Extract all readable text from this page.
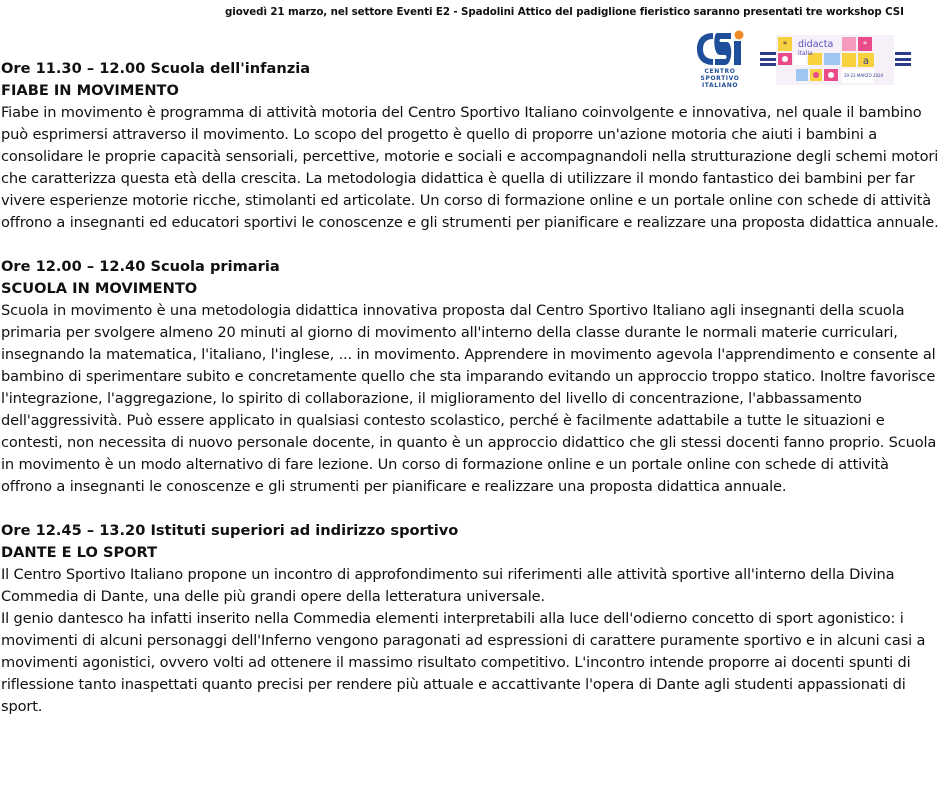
giovedì 21 marzo, nel settore Eventi E2 - Spadolini Attico del padiglione fieristico saranno presentati tre workshop CSI
CENTRO
SPORTIVO
ITALIANO
*	*
didacta
italia
a
20-22 MARZO 2024
Ore 11.30 – 12.00 Scuola dell'infanzia
FIABE IN MOVIMENTO

Fiabe in movimento è programma di attività motoria del Centro Sportivo Italiano coinvolgente e innovativa, nel quale il bambino può esprimersi attraverso il movimento. Lo scopo del progetto è quello di proporre un'azione motoria che aiuti i bambini a consolidare le proprie capacità sensoriali, percettive, motorie e sociali e accompagnandoli nella strutturazione degli schemi motori che caratterizza questa età della crescita. La metodologia didattica è quella di utilizzare il mondo fantastico dei bambini per far vivere esperienze motorie ricche, stimolanti ed articolate. Un corso di formazione online e un portale online con schede di attività offrono a insegnanti ed educatori sportivi le conoscenze e gli strumenti per pianificare e realizzare una proposta didattica annuale.

Ore 12.00 – 12.40 Scuola primaria
SCUOLA IN MOVIMENTO

Scuola in movimento è una metodologia didattica innovativa proposta dal Centro Sportivo Italiano agli insegnanti della scuola primaria per svolgere almeno 20 minuti al giorno di movimento all'interno della classe durante le normali materie curriculari, insegnando la matematica, l'italiano, l'inglese, ... in movimento. Apprendere in movimento agevola l'apprendimento e consente al bambino di sperimentare subito e concretamente quello che sta imparando evitando un approccio troppo statico. Inoltre favorisce l'integrazione, l'aggregazione, lo spirito di collaborazione, il miglioramento del livello di concentrazione, l'abbassamento dell'aggressività. Può essere applicato in qualsiasi contesto scolastico, perché è facilmente adattabile a tutte le situazioni e contesti, non necessita di nuovo personale docente, in quanto è un approccio didattico che gli stessi docenti fanno proprio. Scuola in movimento è un modo alternativo di fare lezione. Un corso di formazione online e un portale online con schede di attività offrono a insegnanti le conoscenze e gli strumenti per pianificare e realizzare una proposta didattica annuale.

Ore 12.45 – 13.20 Istituti superiori ad indirizzo sportivo
DANTE E LO SPORT

Il Centro Sportivo Italiano propone un incontro di approfondimento sui riferimenti alle attività sportive all'interno della Divina Commedia di Dante, una delle più grandi opere della letteratura universale.

Il genio dantesco ha infatti inserito nella Commedia elementi interpretabili alla luce dell'odierno concetto di sport agonistico: i movimenti di alcuni personaggi dell'Inferno vengono paragonati ad espressioni di carattere puramente sportivo e in alcuni casi a movimenti agonistici, ovvero volti ad ottenere il massimo risultato competitivo. L'incontro intende proporre ai docenti spunti di riflessione tanto inaspettati quanto precisi per rendere più attuale e accattivante l'opera di Dante agli studenti appassionati di sport.
